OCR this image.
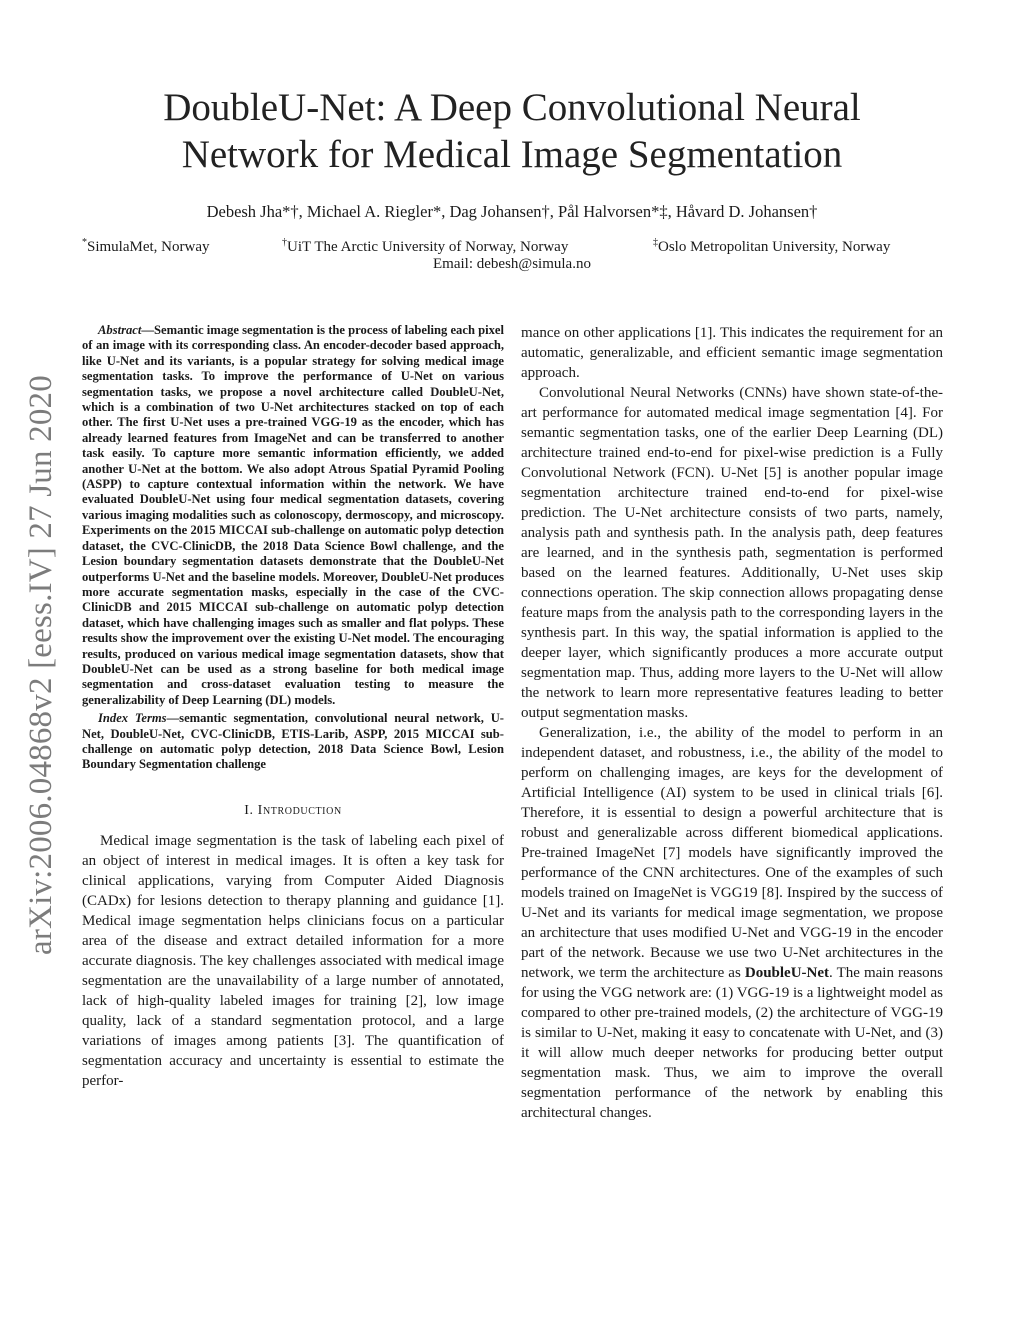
DoubleU-Net: A Deep Convolutional Neural
Network for Medical Image Segmentation
Debesh Jha*†, Michael A. Riegler*, Dag Johansen†, Pål Halvorsen*‡, Håvard D. Johansen†
*SimulaMet, Norway	†UiT The Arctic University of Norway, Norway	‡Oslo Metropolitan University, Norway
Email: debesh@simula.no
arXiv:2006.04868v2 [eess.IV] 27 Jun 2020

Abstract—Semantic image segmentation is the process of labeling each pixel of an image with its corresponding class. An encoder-decoder based approach, like U-Net and its variants, is a popular strategy for solving medical image segmentation tasks. To improve the performance of U-Net on various segmentation tasks, we propose a novel architecture called DoubleU-Net, which is a combination of two U-Net architectures stacked on top of each other. The first U-Net uses a pre-trained VGG-19 as the encoder, which has already learned features from ImageNet and can be transferred to another task easily. To capture more semantic information efficiently, we added another U-Net at the bottom. We also adopt Atrous Spatial Pyramid Pooling (ASPP) to capture contextual information within the network. We have evaluated DoubleU-Net using four medical segmentation datasets, covering various imaging modalities such as colonoscopy, dermoscopy, and microscopy. Experiments on the 2015 MICCAI sub-challenge on automatic polyp detection dataset, the CVC-ClinicDB, the 2018 Data Science Bowl challenge, and the Lesion boundary segmentation datasets demonstrate that the DoubleU-Net outperforms U-Net and the baseline models. Moreover, DoubleU-Net produces more accurate segmentation masks, especially in the case of the CVC-ClinicDB and 2015 MICCAI sub-challenge on automatic polyp detection dataset, which have challenging images such as smaller and flat polyps. These results show the improvement over the existing U-Net model. The encouraging results, produced on various medical image segmentation datasets, show that DoubleU-Net can be used as a strong baseline for both medical image segmentation and cross-dataset evaluation testing to measure the generalizability of Deep Learning (DL) models.

Index Terms—semantic segmentation, convolutional neural network, U-Net, DoubleU-Net, CVC-ClinicDB, ETIS-Larib, ASPP, 2015 MICCAI sub-challenge on automatic polyp detection, 2018 Data Science Bowl, Lesion Boundary Segmentation challenge

I. Introduction

Medical image segmentation is the task of labeling each pixel of an object of interest in medical images. It is often a key task for clinical applications, varying from Computer Aided Diagnosis (CADx) for lesions detection to therapy planning and guidance [1]. Medical image segmentation helps clinicians focus on a particular area of the disease and extract detailed information for a more accurate diagnosis. The key challenges associated with medical image segmentation are the unavailability of a large number of annotated, lack of high-quality labeled images for training [2], low image quality, lack of a standard segmentation protocol, and a large variations of images among patients [3]. The quantification of segmentation accuracy and uncertainty is essential to estimate the perfor-

mance on other applications [1]. This indicates the requirement for an automatic, generalizable, and efficient semantic image segmentation approach.

Convolutional Neural Networks (CNNs) have shown state-of-the-art performance for automated medical image segmentation [4]. For semantic segmentation tasks, one of the earlier Deep Learning (DL) architecture trained end-to-end for pixel-wise prediction is a Fully Convolutional Network (FCN). U-Net [5] is another popular image segmentation architecture trained end-to-end for pixel-wise prediction. The U-Net architecture consists of two parts, namely, analysis path and synthesis path. In the analysis path, deep features are learned, and in the synthesis path, segmentation is performed based on the learned features. Additionally, U-Net uses skip connections operation. The skip connection allows propagating dense feature maps from the analysis path to the corresponding layers in the synthesis part. In this way, the spatial information is applied to the deeper layer, which significantly produces a more accurate output segmentation map. Thus, adding more layers to the U-Net will allow the network to learn more representative features leading to better output segmentation masks.

Generalization, i.e., the ability of the model to perform in an independent dataset, and robustness, i.e., the ability of the model to perform on challenging images, are keys for the development of Artificial Intelligence (AI) system to be used in clinical trials [6]. Therefore, it is essential to design a powerful architecture that is robust and generalizable across different biomedical applications. Pre-trained ImageNet [7] models have significantly improved the performance of the CNN architectures. One of the examples of such models trained on ImageNet is VGG19 [8]. Inspired by the success of U-Net and its variants for medical image segmentation, we propose an architecture that uses modified U-Net and VGG-19 in the encoder part of the network. Because we use two U-Net architectures in the network, we term the architecture as DoubleU-Net. The main reasons for using the VGG network are: (1) VGG-19 is a lightweight model as compared to other pre-trained models, (2) the architecture of VGG-19 is similar to U-Net, making it easy to concatenate with U-Net, and (3) it will allow much deeper networks for producing better output segmentation mask. Thus, we aim to improve the overall segmentation performance of the network by enabling this architectural changes.
